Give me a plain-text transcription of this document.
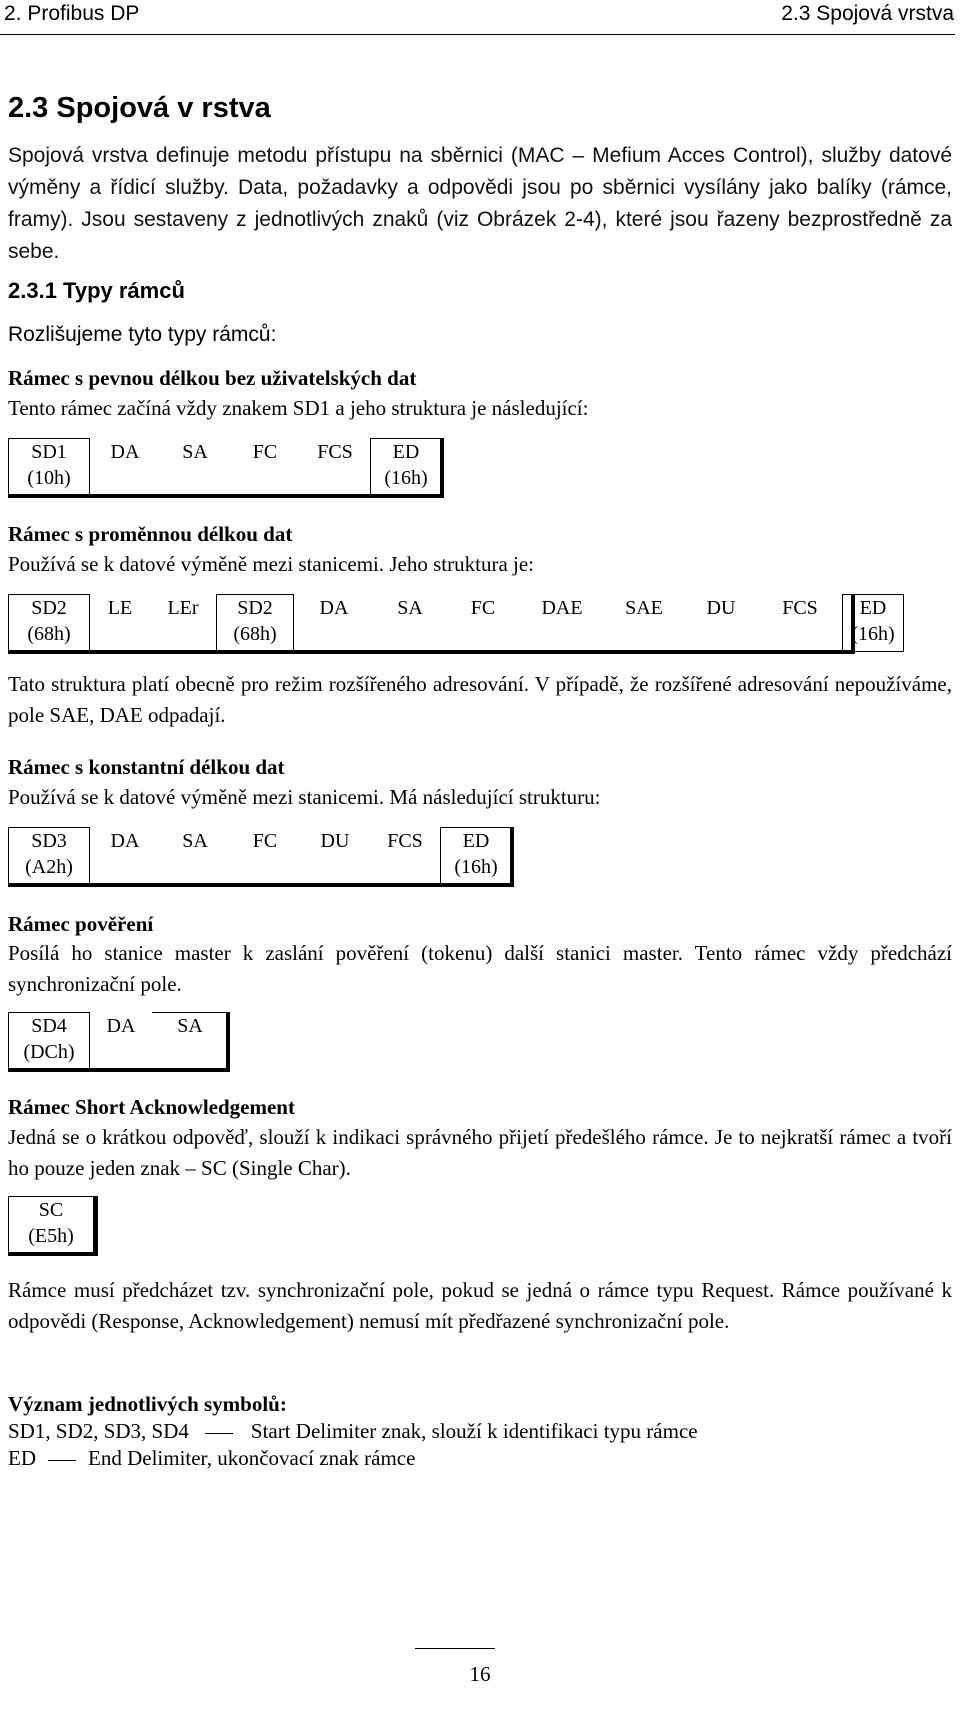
2. Profibus DP	2.3 Spojová vrstva
2.3 Spojová v rstva
Spojová vrstva definuje metodu přístupu na sběrnici (MAC – Mefium Acces Control), služby datové výměny a řídicí služby. Data, požadavky a odpovědi jsou po sběrnici vysílány jako balíky (rámce, framy). Jsou sestaveny z jednotlivých znaků (viz Obrázek 2-4), které jsou řazeny bezprostředně za sebe.
2.3.1 Typy rámců
Rozlišujeme tyto typy rámců:
Rámec s pevnou délkou bez uživatelských dat
Tento rámec začíná vždy znakem SD1 a jeho struktura je následující:
SD1
(10h)

DA	SA	FC	FCS	ED
(16h)
Rámec s proměnnou délkou dat
Používá se k datové výměně mezi stanicemi. Jeho struktura je:
SD2
(68h)

LE	LEr	SD2
(68h)

DA	SA	FC	DAE	SAE	DU	FCS	ED
(16h)
Tato struktura platí obecně pro režim rozšířeného adresování. V případě, že rozšířené adresování nepoužíváme, pole SAE, DAE odpadají.
Rámec s konstantní délkou dat
Používá se k datové výměně mezi stanicemi. Má následující strukturu:
SD3
(A2h)

DA	SA	FC	DU	FCS	ED
(16h)
Rámec pověření
Posílá ho stanice master k zaslání pověření (tokenu) další stanici master. Tento rámec vždy předchází synchronizační pole.
SD4
(DCh)

DA	SA
Rámec Short Acknowledgement
Jedná se o krátkou odpověď, slouží k indikaci správného přijetí předešlého rámce. Je to nejkratší rámec a tvoří ho pouze jeden znak – SC (Single Char).
SC
(E5h)
Rámce musí předcházet tzv. synchronizační pole, pokud se jedná o rámce typu Request. Rámce používané k odpovědi (Response, Acknowledgement) nemusí mít předřazené synchronizační pole.
Význam jednotlivých symbolů:
SD1, SD2, SD3, SD4	Start Delimiter znak, slouží k identifikaci typu rámce
ED End Delimiter, ukončovací znak rámce
16
